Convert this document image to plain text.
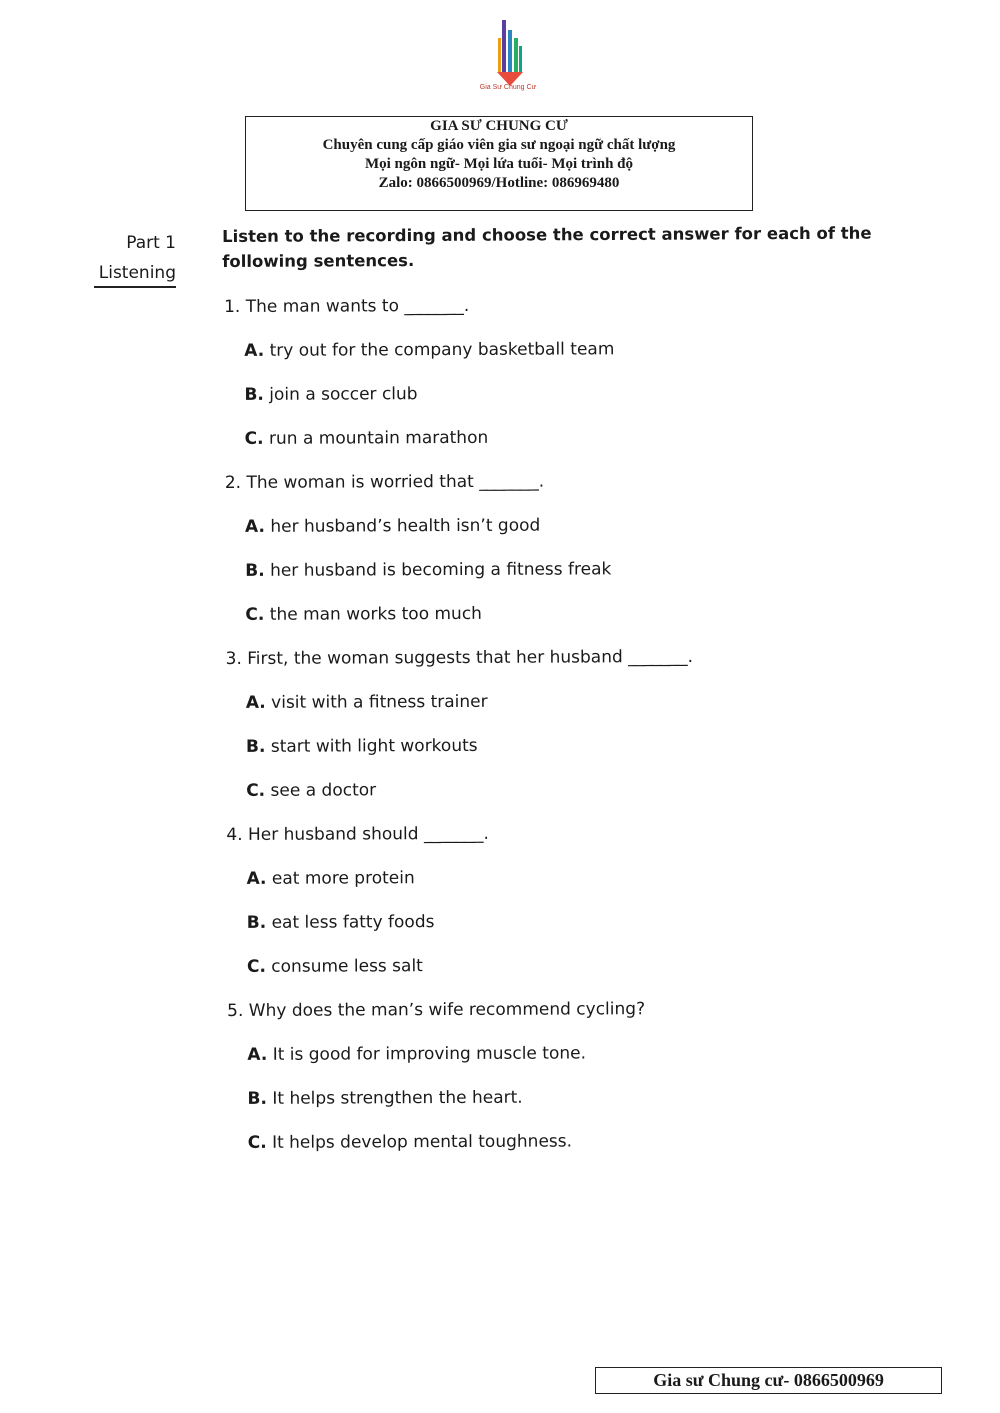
Gia Sư Chung Cư
GIA SƯ CHUNG CƯ
Chuyên cung cấp giáo viên gia sư ngoại ngữ chất lượng
Mọi ngôn ngữ- Mọi lứa tuổi- Mọi trình độ
Zalo: 0866500969/Hotline: 086969480
Part 1
Listening
Listen to the recording and choose the correct answer for each of the following sentences.
1. The man wants to _______.
A. try out for the company basketball team
B. join a soccer club
C. run a mountain marathon
2. The woman is worried that _______.
A. her husband’s health isn’t good
B. her husband is becoming a fitness freak
C. the man works too much
3. First, the woman suggests that her husband _______.
A. visit with a fitness trainer
B. start with light workouts
C. see a doctor
4. Her husband should _______.
A. eat more protein
B. eat less fatty foods
C. consume less salt
5. Why does the man’s wife recommend cycling?
A. It is good for improving muscle tone.
B. It helps strengthen the heart.
C. It helps develop mental toughness.
Gia sư Chung cư- 0866500969
